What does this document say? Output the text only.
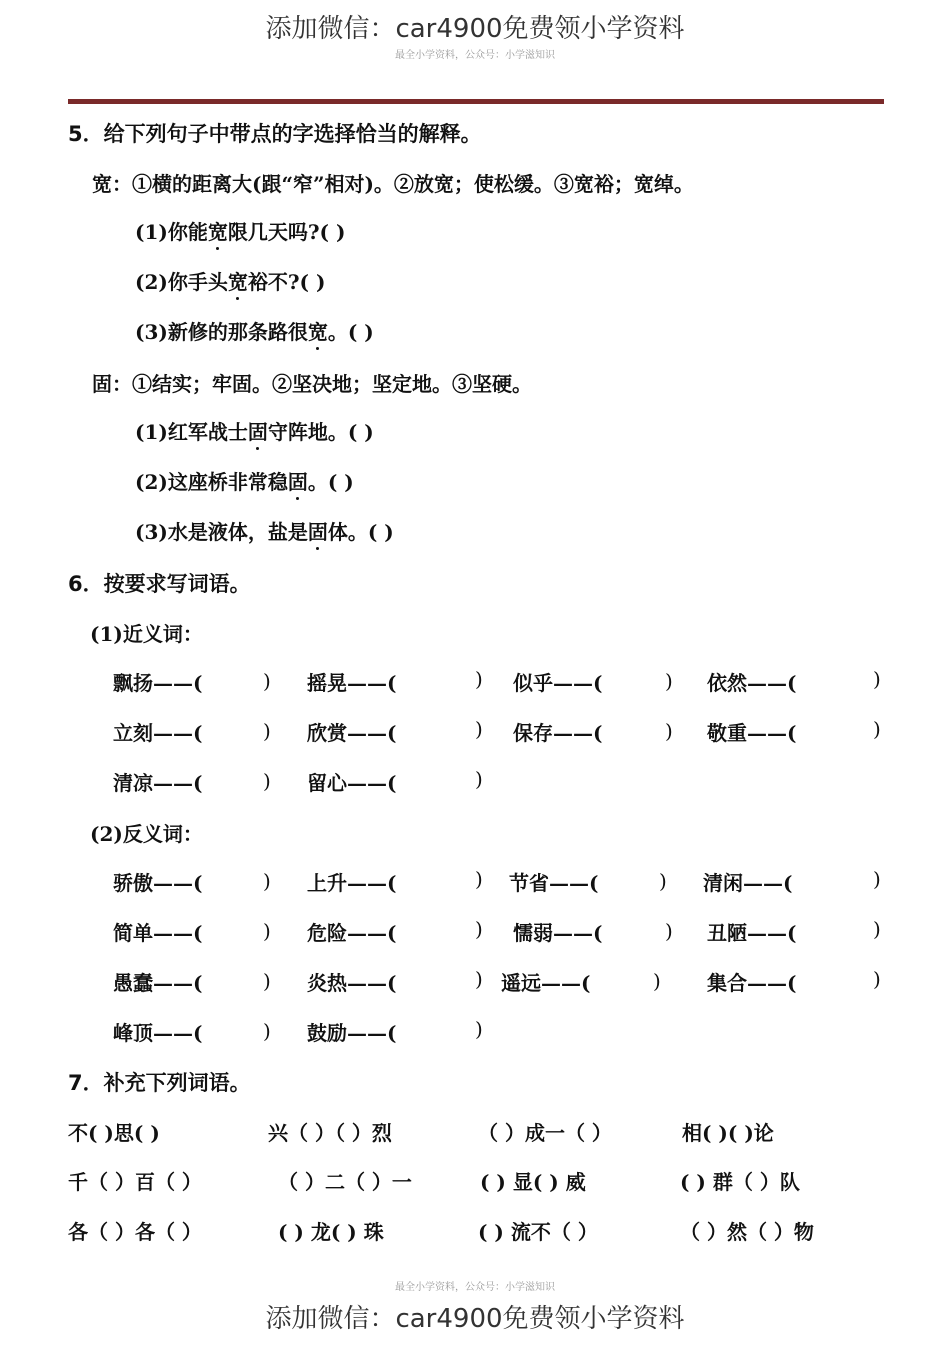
添加微信：car4900免费领小学资料
最全小学资料，公众号：小学滋知识
5．给下列句子中带点的字选择恰当的解释。
宽：①横的距离大(跟“窄”相对)。②放宽；使松缓。③宽裕；宽绰。
(1)你能宽限几天吗?( )
(2)你手头宽裕不?( )
(3)新修的那条路很宽。( )
固：①结实；牢固。②坚决地；坚定地。③坚硬。
(1)红军战士固守阵地。( )
(2)这座桥非常稳固。( )
(3)水是液体，盐是固体。( )
6．按要求写词语。
(1)近义词：
飘扬——(	) 摇晃——(	) 似乎——(	) 依然——(	)
立刻——(	) 欣赏——(	) 保存——(	) 敬重——(	)
清凉——(	) 留心——(	)
(2)反义词：
骄傲——(	) 上升——(	) 节省——(	) 清闲——(	)
简单——(	) 危险——(	) 懦弱——(	) 丑陋——(	)
愚蠢——(	) 炎热——(	) 遥远——(	) 集合——(	)
峰顶——(	) 鼓励——(	)
7．补充下列词语。
不( )思( )	兴（ ）（ ）烈	（ ）成一（ ）	相( )( )论
千（ ）百（ ）	（ ）二（ ）一	( ) 显( ) 威	( ) 群（ ）队
各（ ）各（ ）	( ) 龙( ) 珠	( ) 流不（ ）	（ ）然（ ）物
最全小学资料，公众号：小学滋知识
添加微信：car4900免费领小学资料
